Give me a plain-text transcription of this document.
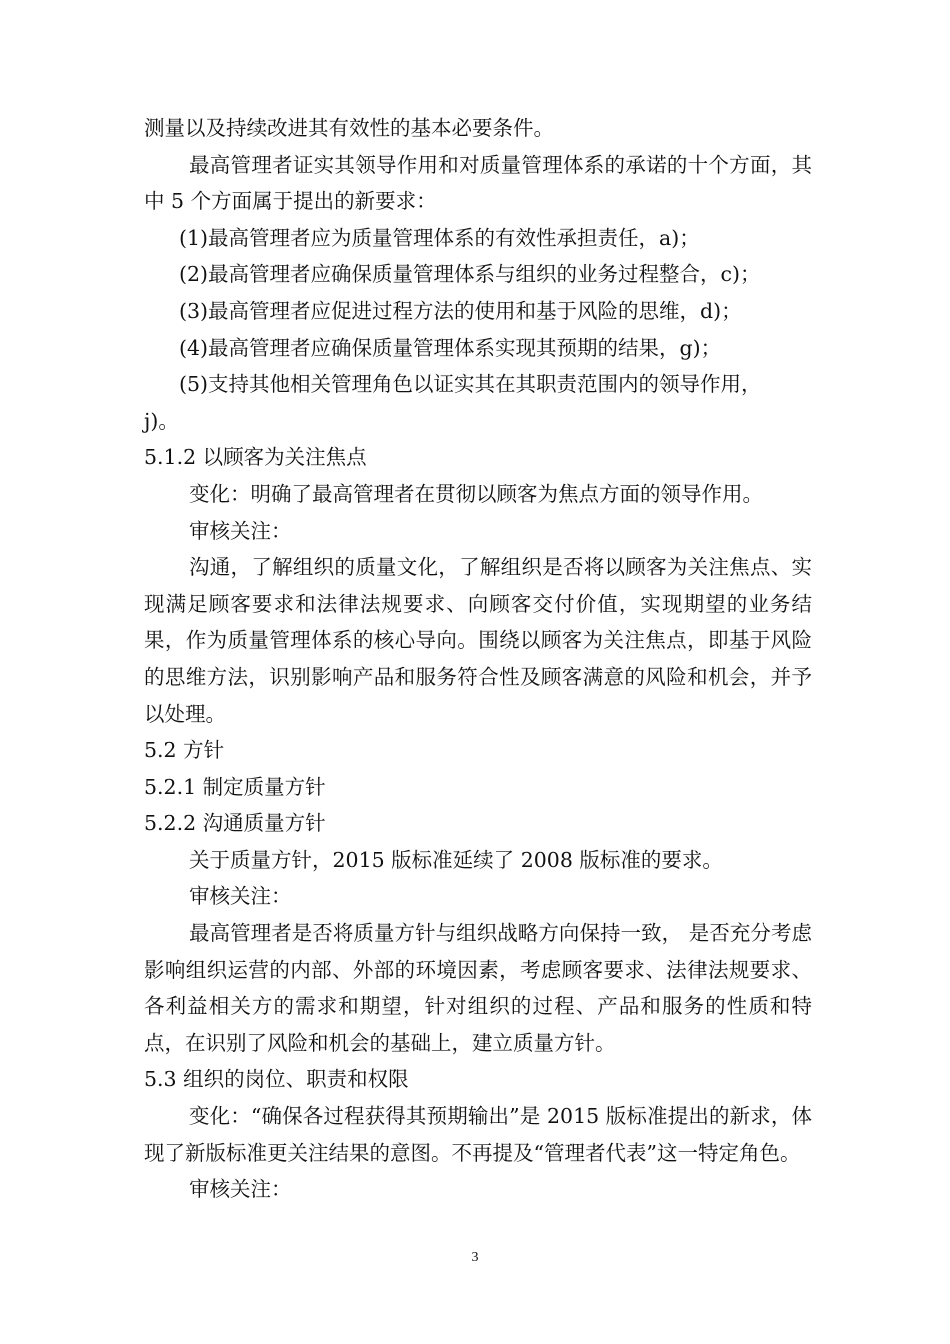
测量以及持续改进其有效性的基本必要条件。

最高管理者证实其领导作用和对质量管理体系的承诺的十个方面，其中 5 个方面属于提出的新要求：

(1)最高管理者应为质量管理体系的有效性承担责任，a)；

(2)最高管理者应确保质量管理体系与组织的业务过程整合，c)；

(3)最高管理者应促进过程方法的使用和基于风险的思维，d)；

(4)最高管理者应确保质量管理体系实现其预期的结果，g)；

(5)支持其他相关管理角色以证实其在其职责范围内的领导作用，

j)。

5.1.2 以顾客为关注焦点

变化：明确了最高管理者在贯彻以顾客为焦点方面的领导作用。

审核关注：

沟通，了解组织的质量文化，了解组织是否将以顾客为关注焦点、实现满足顾客要求和法律法规要求、向顾客交付价值，实现期望的业务结果，作为质量管理体系的核心导向。围绕以顾客为关注焦点，即基于风险的思维方法，识别影响产品和服务符合性及顾客满意的风险和机会，并予以处理。

5.2 方针

5.2.1 制定质量方针

5.2.2 沟通质量方针

关于质量方针，2015 版标准延续了 2008 版标准的要求。

审核关注：

最高管理者是否将质量方针与组织战略方向保持一致， 是否充分考虑影响组织运营的内部、外部的环境因素，考虑顾客要求、法律法规要求、各利益相关方的需求和期望，针对组织的过程、产品和服务的性质和特点，在识别了风险和机会的基础上，建立质量方针。

5.3 组织的岗位、职责和权限

变化：“确保各过程获得其预期输出”是 2015 版标准提出的新求，体现了新版标准更关注结果的意图。不再提及“管理者代表”这一特定角色。

审核关注：

3
